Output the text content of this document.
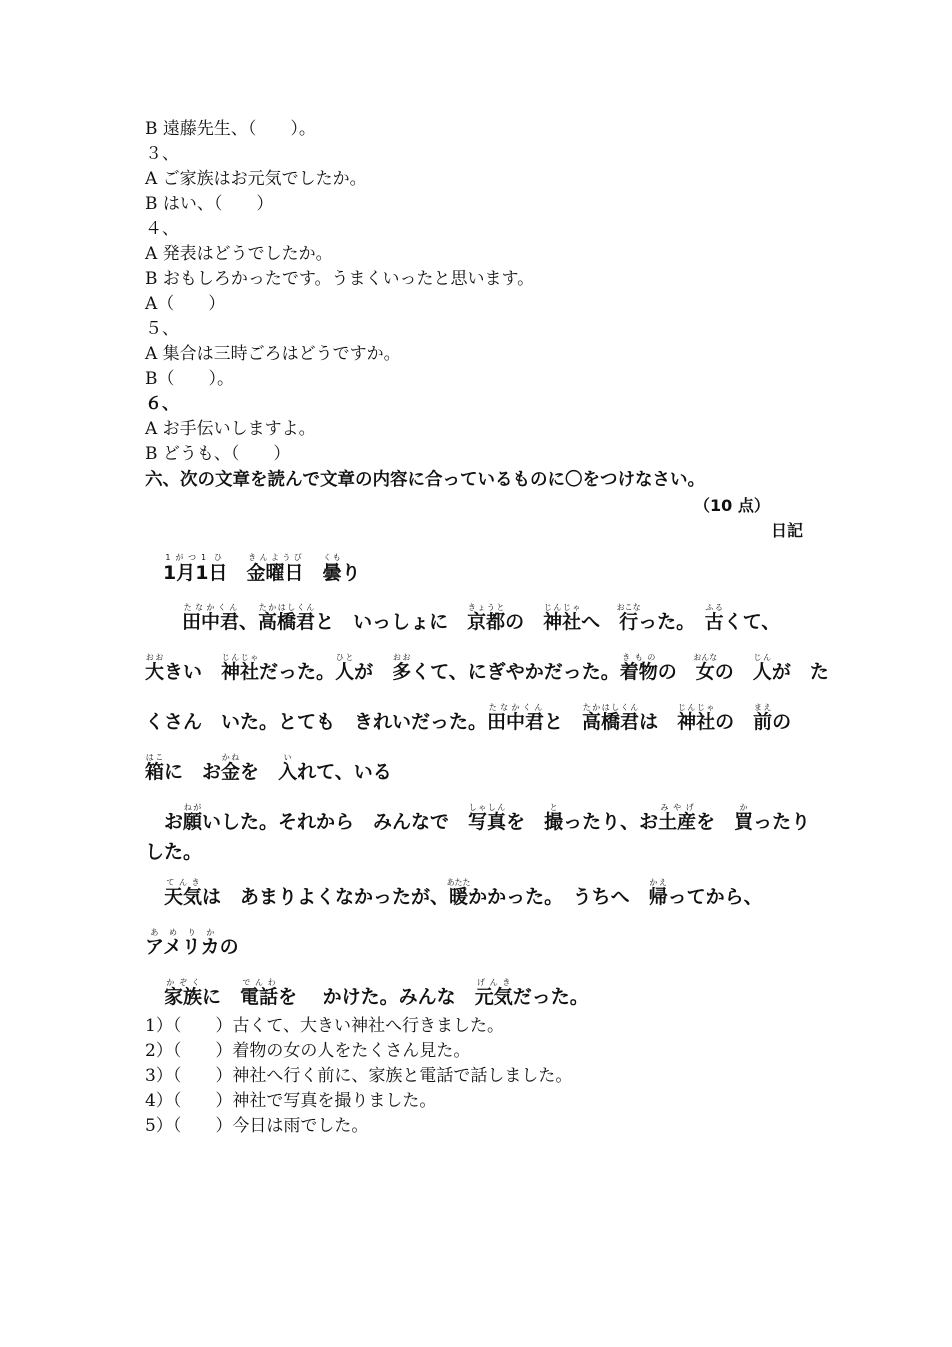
B 遠藤先生、（　　）。
３、
A ご家族はお元気でしたか。
B はい、（　　）
４、
A 発表はどうでしたか。
B おもしろかったです。うまくいったと思います。
A（　　）
５、
A 集合は三時ごろはどうですか。
B（　　）。
６、
A お手伝いしますよ。
B どうも、（　　）
六、次の文章を読んで文章の内容に合っているものに〇をつけなさい。
（10 点）
日記
1月11がつ1日ひ　金曜日きんようび　曇くもり
　田中君たなかくん、高橋君たかはしくんと　いっしょに　京都きょうとの　神社じんじゃへ　行おこなった。　古ふるくて、
大おおきい　神社じんじゃだった。人ひとが　多おおくて、にぎやかだった。着物きものの　女おんなの　人じんが　た
くさん　いた。とても　きれいだった。田中君たなかくんと　高橋君たかはしくんは　神社じんじゃの　前まえの
箱はこに　お金かねを　入いれて、いる
　お願ねがいした。それから　みんなで　写真しゃしんを　撮とったり、お土産みやげを　買かったり
した。
　天気てんきは　あまりよくなかったが、暖あたたかかった。　うちへ　帰かえってから、
アメリカあめりかの
　家族かぞくに　電話でんわを　 かけた。みんな　元気げんきだった。
1）（　　）古くて、大きい神社へ行きました。
2）（　　）着物の女の人をたくさん見た。
3）（　　）神社へ行く前に、家族と電話で話しました。
4）（　　）神社で写真を撮りました。
5）（　　）今日は雨でした。
